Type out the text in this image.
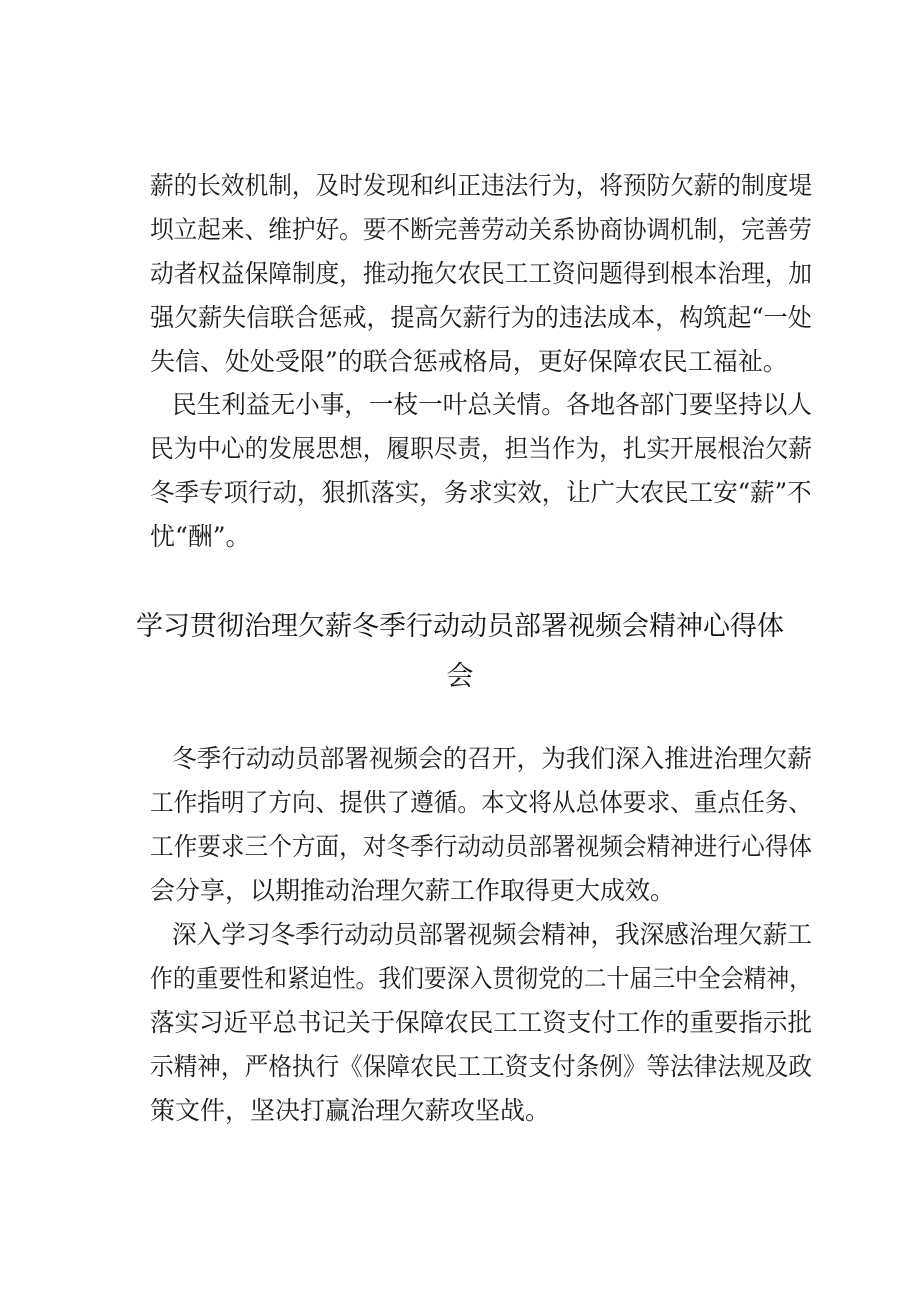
薪的长效机制，及时发现和纠正违法行为，将预防欠薪的制度堤
坝立起来、维护好。要不断完善劳动关系协商协调机制，完善劳
动者权益保障制度，推动拖欠农民工工资问题得到根本治理，加
强欠薪失信联合惩戒，提高欠薪行为的违法成本，构筑起“一处
失信、处处受限”的联合惩戒格局，更好保障农民工福祉。
民生利益无小事，一枝一叶总关情。各地各部门要坚持以人
民为中心的发展思想，履职尽责，担当作为，扎实开展根治欠薪
冬季专项行动，狠抓落实，务求实效，让广大农民工安“薪”不
忧“酬”。
学习贯彻治理欠薪冬季行动动员部署视频会精神心得体
会
冬季行动动员部署视频会的召开，为我们深入推进治理欠薪
工作指明了方向、提供了遵循。本文将从总体要求、重点任务、
工作要求三个方面，对冬季行动动员部署视频会精神进行心得体
会分享，以期推动治理欠薪工作取得更大成效。
深入学习冬季行动动员部署视频会精神，我深感治理欠薪工
作的重要性和紧迫性。我们要深入贯彻党的二十届三中全会精神，
落实习近平总书记关于保障农民工工资支付工作的重要指示批
示精神，严格执行《保障农民工工资支付条例》等法律法规及政
策文件，坚决打赢治理欠薪攻坚战。
